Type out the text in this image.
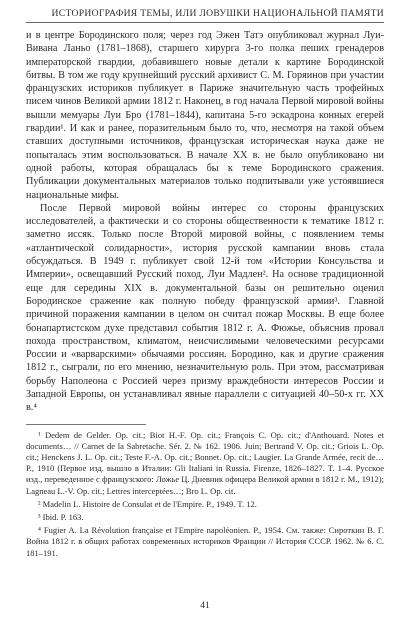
ИСТОРИОГРАФИЯ ТЕМЫ, ИЛИ ЛОВУШКИ НАЦИОНАЛЬНОЙ ПАМЯТИ

и в центре Бородинского поля; через год Эжен Татэ опубликовал журнал Луи-Вивана Ланьо (1781–1868), старшего хирурга 3-го полка пеших гренадеров императорской гвардии, добавившего новые детали к картине Бородинской битвы. В том же году крупнейший русский архивист С. М. Горяинов при участии французских историков публикует в Париже значительную часть трофейных писем чинов Великой армии 1812 г. Наконец, в год начала Первой мировой войны вышли мемуары Луи Бро (1781–1844), капитана 5-го эскадрона конных егерей гвардии¹. И как и ранее, поразительным было то, что, несмотря на такой объем ставших доступными источников, французская историческая наука даже не попыталась этим воспользоваться. В начале XX в. не было опубликовано ни одной работы, которая обращалась бы к теме Бородинского сражения. Публикации документальных материалов только подпитывали уже устоявшиеся национальные мифы.

После Первой мировой войны интерес со стороны французских исследователей, а фактически и со стороны общественности к тематике 1812 г. заметно иссяк. Только после Второй мировой войны, с появлением темы «атлантической солидарности», история русской кампании вновь стала обсуждаться. В 1949 г. публикует свой 12-й том «Истории Консульства и Империи», освещавший Русский поход, Луи Мадлен². На основе традиционной еще для середины XIX в. документальной базы он решительно оценил Бородинское сражение как полную победу французской армии³. Главной причиной поражения кампании в целом он считал пожар Москвы. В еще более бонапартистском духе представил события 1812 г. А. Фюжье, объяснив провал похода пространством, климатом, неисчислимыми человеческими ресурсами России и «варварскими» обычаями россиян. Бородино, как и другие сражения 1812 г., сыграли, по его мнению, незначительную роль. При этом, рассматривая борьбу Наполеона с Россией через призму враждебности интересов России и Западной Европы, он устанавливал явные параллели с ситуацией 40–50-х гг. XX в.⁴

¹ Dedem de Gelder. Op. cit.; Biot H.-F. Op. cit.; François C. Op. cit.; d'Anthouard. Notes et documents… // Carnet de la Sabretache. Sér. 2. № 162. 1906. Juin; Bertrand V. Op. cit.; Griois L. Op. cit.; Henckens J. L. Op. cit.; Teste F.-A. Op. cit.; Bonnet. Op. cit.; Laugier. La Grande Armée, recit de… P., 1910 (Первое изд. вышло в Италии: Gli Italiani in Russia. Firenze, 1826–1827. T. 1–4. Русское изд., переведенное с французского: Ложье Ц. Дневник офицера Великой армии в 1812 г. М., 1912); Lagneau L.-V. Op. cit.; Lettres interceptées…; Bro L. Op. cit.

² Madelin L. Histoire de Consulat et de l'Empire. P., 1949. T. 12.

³ Ibid. P. 163.

⁴ Fugier A. La Révolution française et l'Empire napoléonien. P., 1954. См. также: Сироткин В. Г. Война 1812 г. в общих работах современных историков Франции // История СССР. 1962. № 6. С. 181–191.

41
